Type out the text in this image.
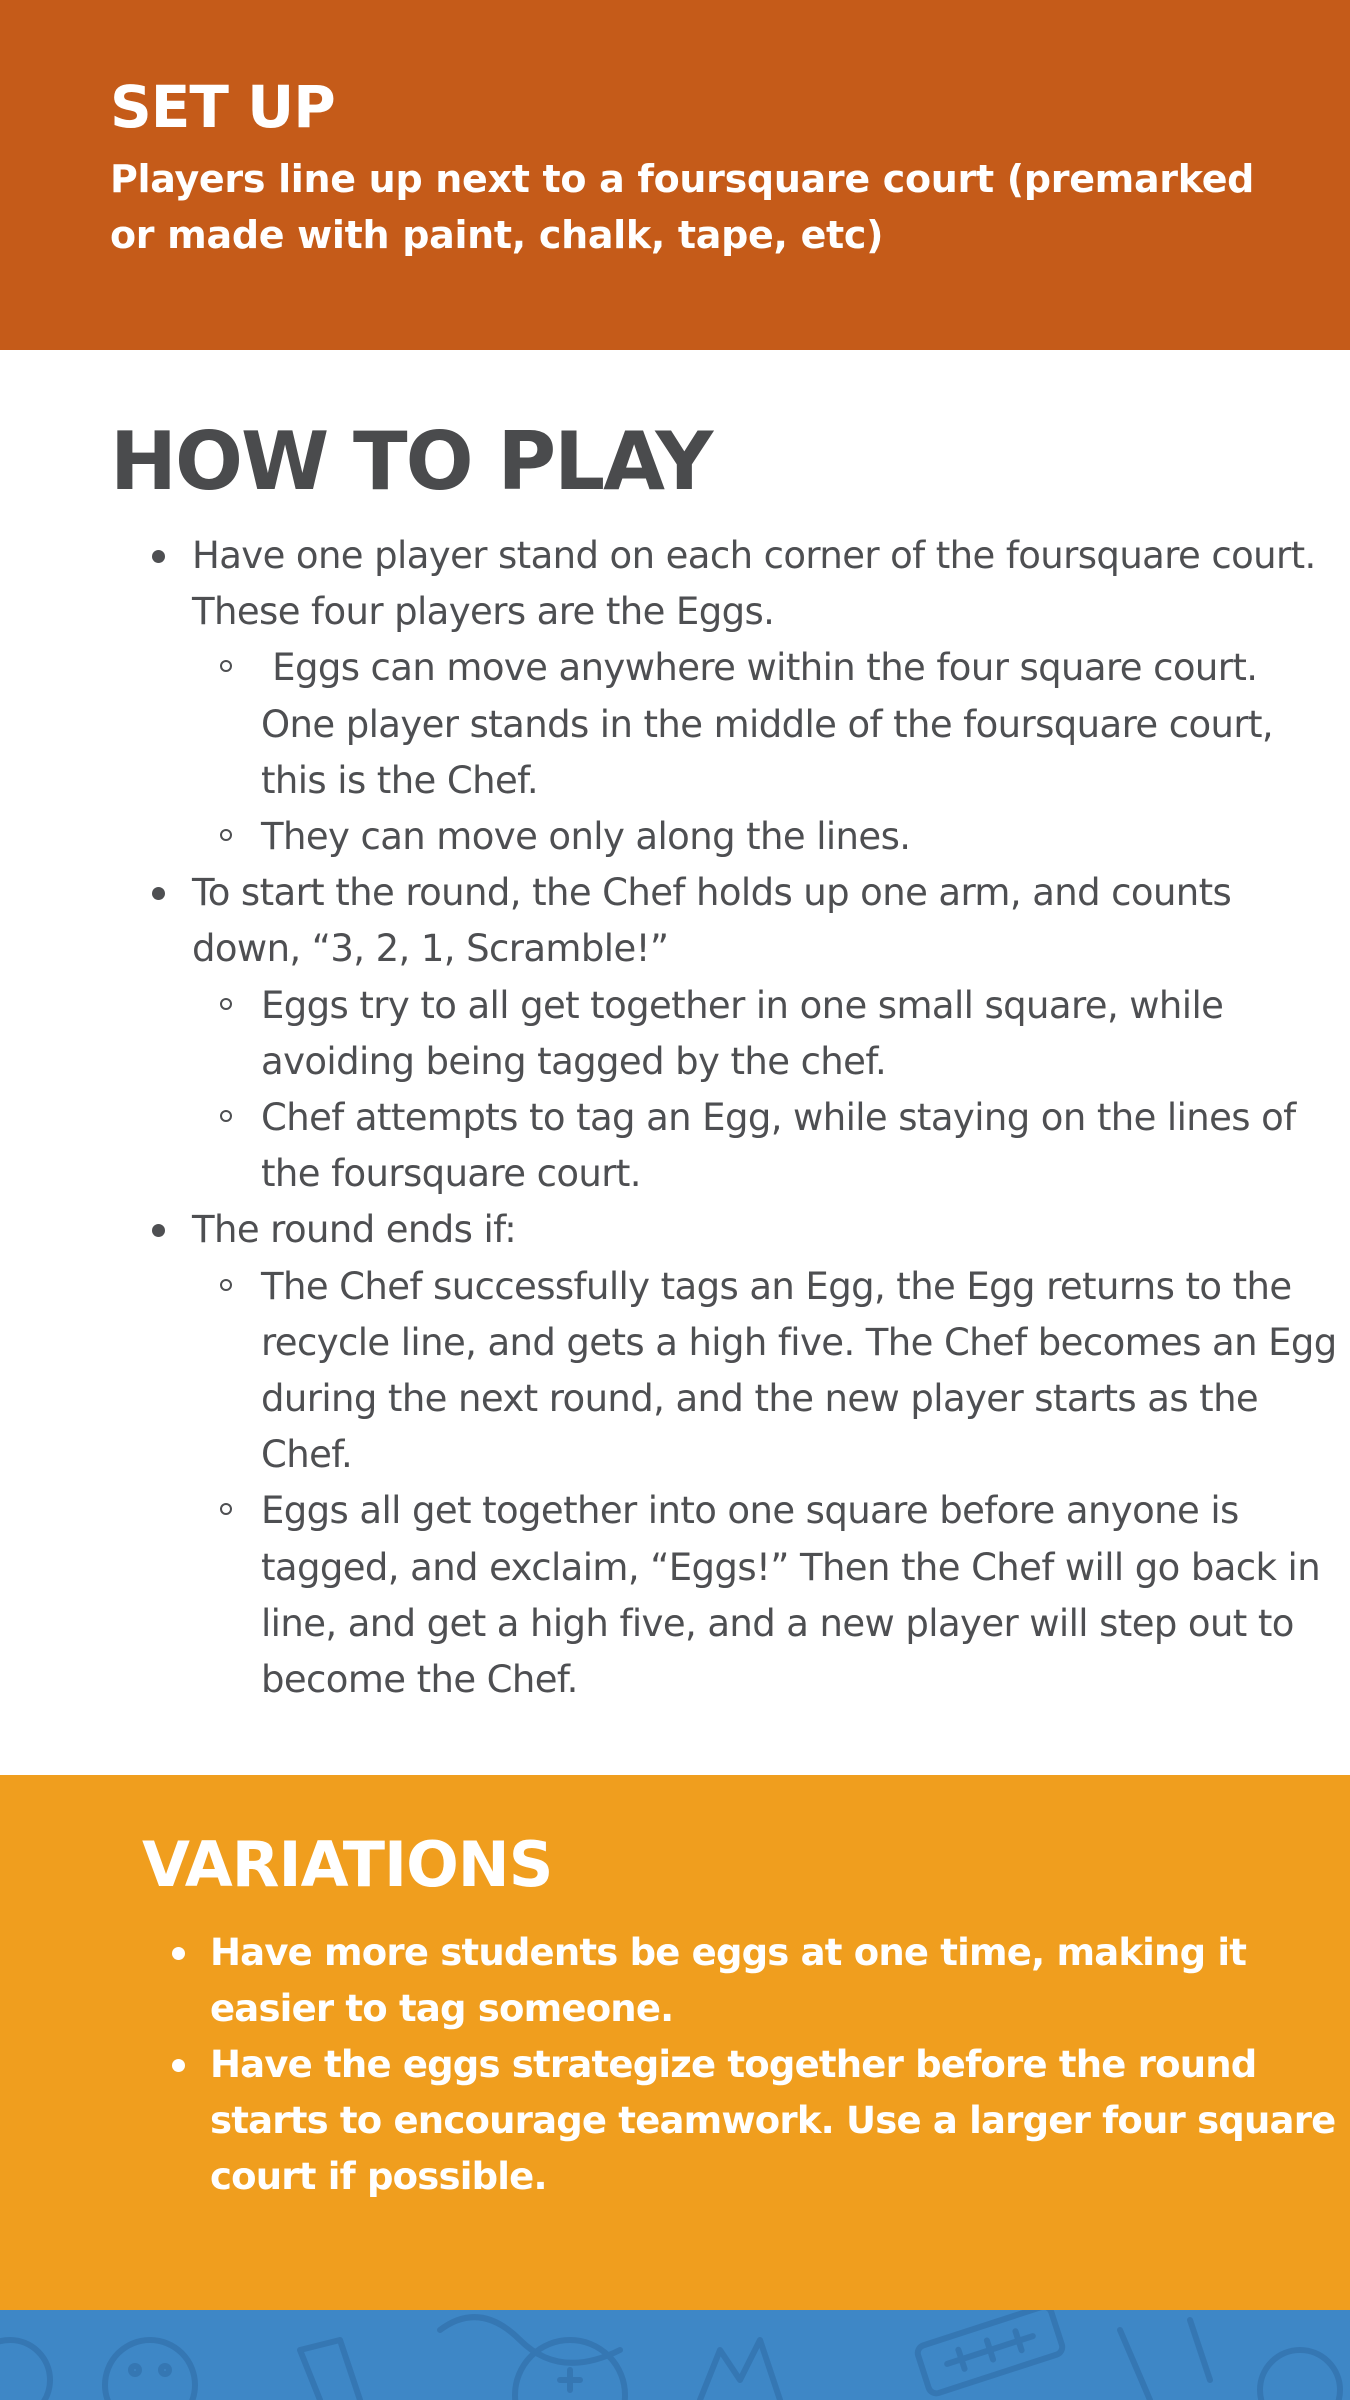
SET UP

Players line up next to a foursquare court (premarked or made with paint, chalk, tape, etc)

HOW TO PLAY
Have one player stand on each corner of the foursquare court. These four players are the Eggs.
Eggs can move anywhere within the four square court. One player stands in the middle of the foursquare court, this is the Chef.
They can move only along the lines.
To start the round, the Chef holds up one arm, and counts down, “3, 2, 1, Scramble!”
Eggs try to all get together in one small square, while avoiding being tagged by the chef.
Chef attempts to tag an Egg, while staying on the lines of the foursquare court.
The round ends if:
The Chef successfully tags an Egg, the Egg returns to the recycle line, and gets a high five. The Chef becomes an Egg during the next round, and the new player starts as the Chef.
Eggs all get together into one square before anyone is tagged, and exclaim, “Eggs!” Then the Chef will go back in line, and get a high five, and a new player will step out to become the Chef.
VARIATIONS
Have more students be eggs at one time, making it easier to tag someone.
Have the eggs strategize together before the round starts to encourage teamwork. Use a larger four square court if possible.
